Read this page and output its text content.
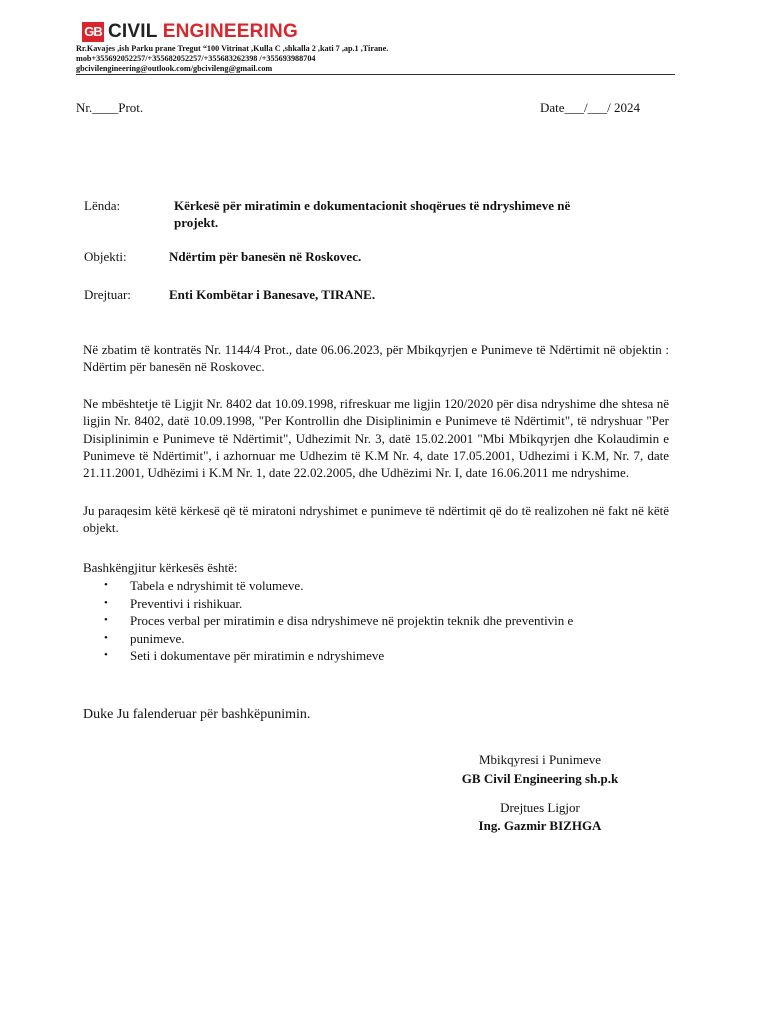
GB CIVIL ENGINEERING
Rr.Kavajes ,ish Parku prane Tregut “100 Vitrinat ,Kulla C ,shkalla 2 ,kati 7 ,ap.1 ,Tirane.
mob+355692052257/+355682052257/+355683262398 /+355693988704
gbcivilengineering@outlook.com/gbcivileng@gmail.com
Nr.____Prot.	Date___/___/ 2024
Lënda:	Kërkesë për miratimin e dokumentacionit shoqërues të ndryshimeve në
projekt.
Objekti:	Ndërtim për banesën në Roskovec.
Drejtuar:	Enti Kombëtar i Banesave, TIRANE.
Në zbatim të kontratës Nr. 1144/4 Prot., date 06.06.2023, për Mbikqyrjen e Punimeve të Ndërtimit në objektin : Ndërtim për banesën në Roskovec.
Ne mbështetje të Ligjit Nr. 8402 dat 10.09.1998, rifreskuar me ligjin 120/2020 për disa ndryshime dhe shtesa në ligjin Nr. 8402, datë 10.09.1998, "Per Kontrollin dhe Disiplinimin e Punimeve të Ndërtimit", të ndryshuar "Per Disiplinimin e Punimeve të Ndërtimit", Udhezimit Nr. 3, datë 15.02.2001 "Mbi Mbikqyrjen dhe Kolaudimin e Punimeve të Ndërtimit", i azhornuar me Udhezim të K.M Nr. 4, date 17.05.2001, Udhezimi i K.M, Nr. 7, date 21.11.2001, Udhëzimi i K.M Nr. 1, date 22.02.2005, dhe Udhëzimi Nr. I, date 16.06.2011 me ndryshime.
Ju paraqesim këtë kërkesë që të miratoni ndryshimet e punimeve të ndërtimit që do të realizohen në fakt në këtë objekt.
Bashkëngjitur kërkesës është:
• Tabela e ndryshimit të volumeve.
• Preventivi i rishikuar.
• Proces verbal per miratimin e disa ndryshimeve në projektin teknik dhe preventivin e
• punimeve.
• Seti i dokumentave për miratimin e ndryshimeve
Duke Ju falenderuar për bashkëpunimin.
Mbikqyresi i Punimeve
GB Civil Engineering sh.p.k
Drejtues Ligjor
Ing. Gazmir BIZHGA
